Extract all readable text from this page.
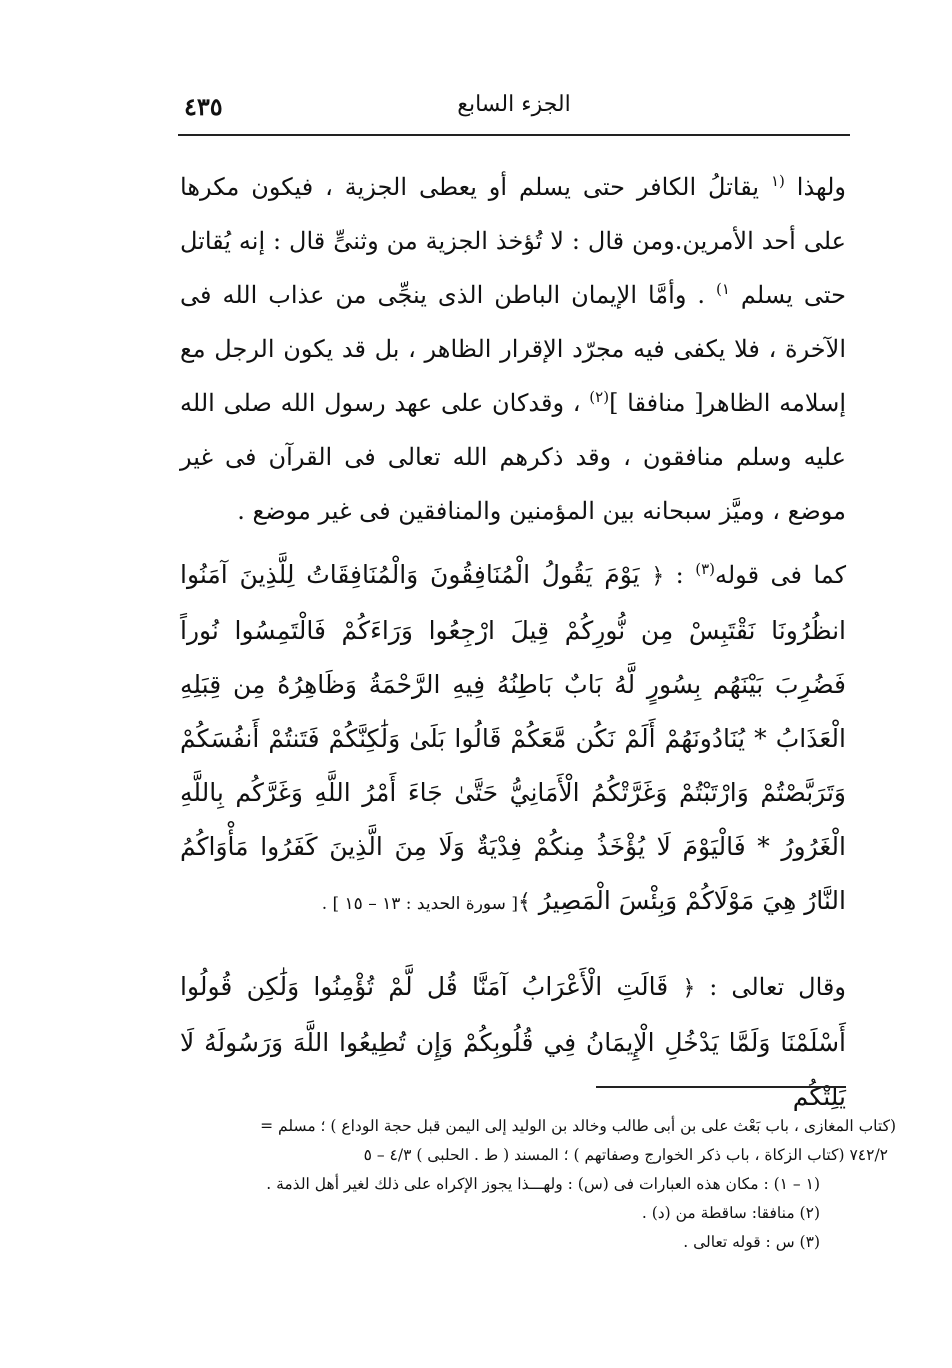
٤٣٥	الجزء السابع
ولهذا $^{(١}$ يقاتلُ الكافر حتى يسلم أو يعطى الجزية ، فيكون مكرها على أحد الأمرين.ومن قال : لا تُؤخذ الجزية من وثنىٍّ قال : إنه يُقاتل حتى يسلم $^{١)}$ . وأمَّا الإيمان الباطن الذى ينجِّى من عذاب الله فى الآخرة ، فلا يكفى فيه مجرّد الإقرار الظاهر ، بل قد يكون الرجل مع إسلامه الظاهر[ منافقا ]$^{(٢)}$ ، وقدكان على عهد رسول الله صلى الله عليه وسلم منافقون ، وقد ذكرهم الله تعالى فى القرآن فى غير موضع ، وميَّز سبحانه بين المؤمنين والمنافقين فى غير موضع .
كما فى قوله$^{(٣)}$ : ﴿ يَوْمَ يَقُولُ الْمُنَافِقُونَ وَالْمُنَافِقَاتُ لِلَّذِينَ آمَنُوا انظُرُونَا نَقْتَبِسْ مِن نُّورِكُمْ قِيلَ ارْجِعُوا وَرَاءَكُمْ فَالْتَمِسُوا نُوراً فَضُرِبَ بَيْنَهُم بِسُورٍ لَّهُ بَابٌ بَاطِنُهُ فِيهِ الرَّحْمَةُ وَظَاهِرُهُ مِن قِبَلِهِ الْعَذَابُ * يُنَادُونَهُمْ أَلَمْ نَكُن مَّعَكُمْ قَالُوا بَلَىٰ وَلَٰكِنَّكُمْ فَتَنتُمْ أَنفُسَكُمْ وَتَرَبَّصْتُمْ وَارْتَبْتُمْ وَغَرَّتْكُمُ الْأَمَانِيُّ حَتَّىٰ جَاءَ أَمْرُ اللَّهِ وَغَرَّكُم بِاللَّهِ الْغَرُورُ * فَالْيَوْمَ لَا يُؤْخَذُ مِنكُمْ فِدْيَةٌ وَلَا مِنَ الَّذِينَ كَفَرُوا مَأْوَاكُمُ النَّارُ هِيَ مَوْلَاكُمْ وَبِئْسَ الْمَصِيرُ ﴾[ سورة الحديد : ١٣ – ١٥ ] .
وقال تعالى : ﴿ قَالَتِ الْأَعْرَابُ آمَنَّا قُل لَّمْ تُؤْمِنُوا وَلَٰكِن قُولُوا أَسْلَمْنَا وَلَمَّا يَدْخُلِ الْإِيمَانُ فِي قُلُوبِكُمْ وَإِن تُطِيعُوا اللَّهَ وَرَسُولَهُ لَا يَلِتْكُم
(كتاب المغازى ، باب بَعْث على بن أبى طالب وخالد بن الوليد إلى اليمن قبل حجة الوداع ) ؛ مسلم =
٧٤٢/٢ (كتاب الزكاة ، باب ذكر الخوارج وصفاتهم ) ؛ المسند ( ط . الحلبى ) ٤/٣ – ٥
(١ – ١) : مكان هذه العبارات فى (س) : ولهـــذا يجوز الإكراه على ذلك لغير أهل الذمة .
(٢) منافقا: ساقطة من (د) .
(٣) س : قوله تعالى .
